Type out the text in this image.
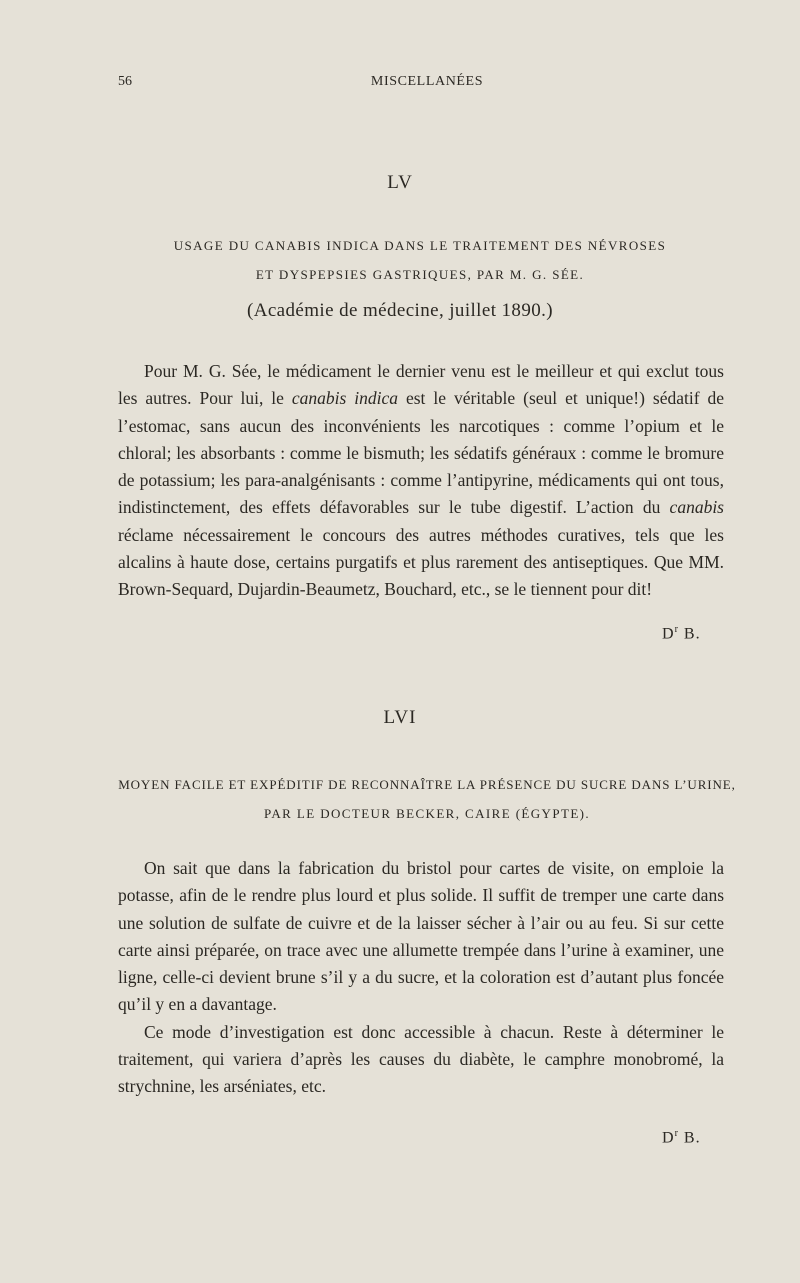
56	MISCELLANÉES
LV
USAGE DU CANABIS INDICA DANS LE TRAITEMENT DES NÉVROSES
ET DYSPEPSIES GASTRIQUES, PAR M. G. SÉE.
(Académie de médecine, juillet 1890.)

Pour M. G. Sée, le médicament le dernier venu est le meilleur et qui exclut tous les autres. Pour lui, le canabis indica est le véritable (seul et unique!) sédatif de l’estomac, sans aucun des inconvénients les narcotiques : comme l’opium et le chloral; les absorbants : comme le bismuth; les sédatifs généraux : comme le bromure de potassium; les para-analgénisants : comme l’antipyrine, médicaments qui ont tous, indistinctement, des effets défavorables sur le tube digestif. L’action du canabis réclame nécessairement le concours des autres méthodes curatives, tels que les alcalins à haute dose, certains purgatifs et plus rarement des antiseptiques. Que MM. Brown-Sequard, Dujardin-Beaumetz, Bouchard, etc., se le tiennent pour dit!

$D^r$ B.
LVI
MOYEN FACILE ET EXPÉDITIF DE RECONNAÎTRE LA PRÉSENCE DU SUCRE DANS L’URINE,
PAR LE DOCTEUR BECKER, CAIRE (ÉGYPTE).

On sait que dans la fabrication du bristol pour cartes de visite, on emploie la potasse, afin de le rendre plus lourd et plus solide. Il suffit de tremper une carte dans une solution de sulfate de cuivre et de la laisser sécher à l’air ou au feu. Si sur cette carte ainsi préparée, on trace avec une allumette trempée dans l’urine à examiner, une ligne, celle-ci devient brune s’il y a du sucre, et la coloration est d’autant plus foncée qu’il y en a davantage.

Ce mode d’investigation est donc accessible à chacun. Reste à déterminer le traitement, qui variera d’après les causes du diabète, le camphre monobromé, la strychnine, les arséniates, etc.

$D^r$ B.
